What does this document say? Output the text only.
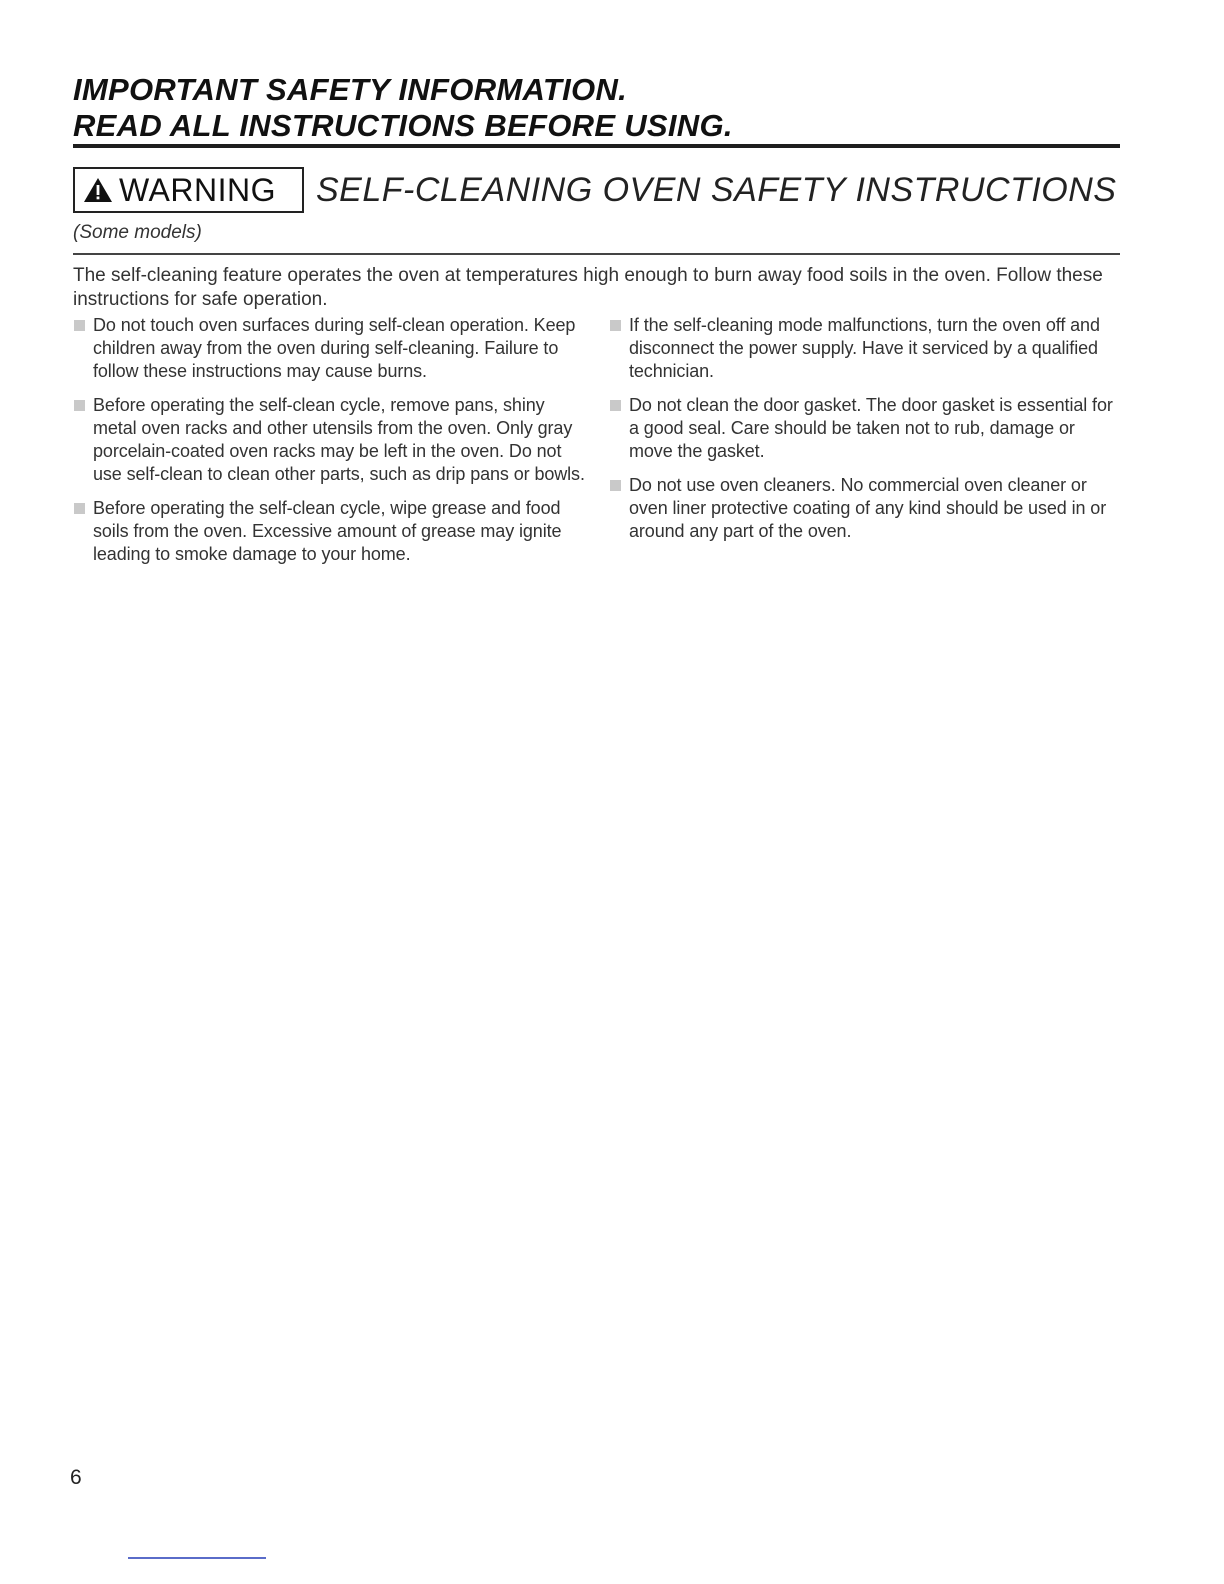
IMPORTANT SAFETY INFORMATION.

READ ALL INSTRUCTIONS BEFORE USING.

WARNING SELF-CLEANING OVEN SAFETY INSTRUCTIONS
(Some models)

The self-cleaning feature operates the oven at temperatures high enough to burn away food soils in the oven. Follow these instructions for safe operation.

Do not touch oven surfaces during self-clean operation. Keep children away from the oven during self-cleaning. Failure to follow these instructions may cause burns.

Before operating the self-clean cycle, remove pans, shiny metal oven racks and other utensils from the oven. Only gray porcelain-coated oven racks may be left in the oven. Do not use self-clean to clean other parts, such as drip pans or bowls.

Before operating the self-clean cycle, wipe grease and food soils from the oven. Excessive amount of grease may ignite leading to smoke damage to your home.

If the self-cleaning mode malfunctions, turn the oven off and disconnect the power supply. Have it serviced by a qualified technician.

Do not clean the door gasket. The door gasket is essential for a good seal. Care should be taken not to rub, damage or move the gasket.

Do not use oven cleaners. No commercial oven cleaner or oven liner protective coating of any kind should be used in or around any part of the oven.

6
